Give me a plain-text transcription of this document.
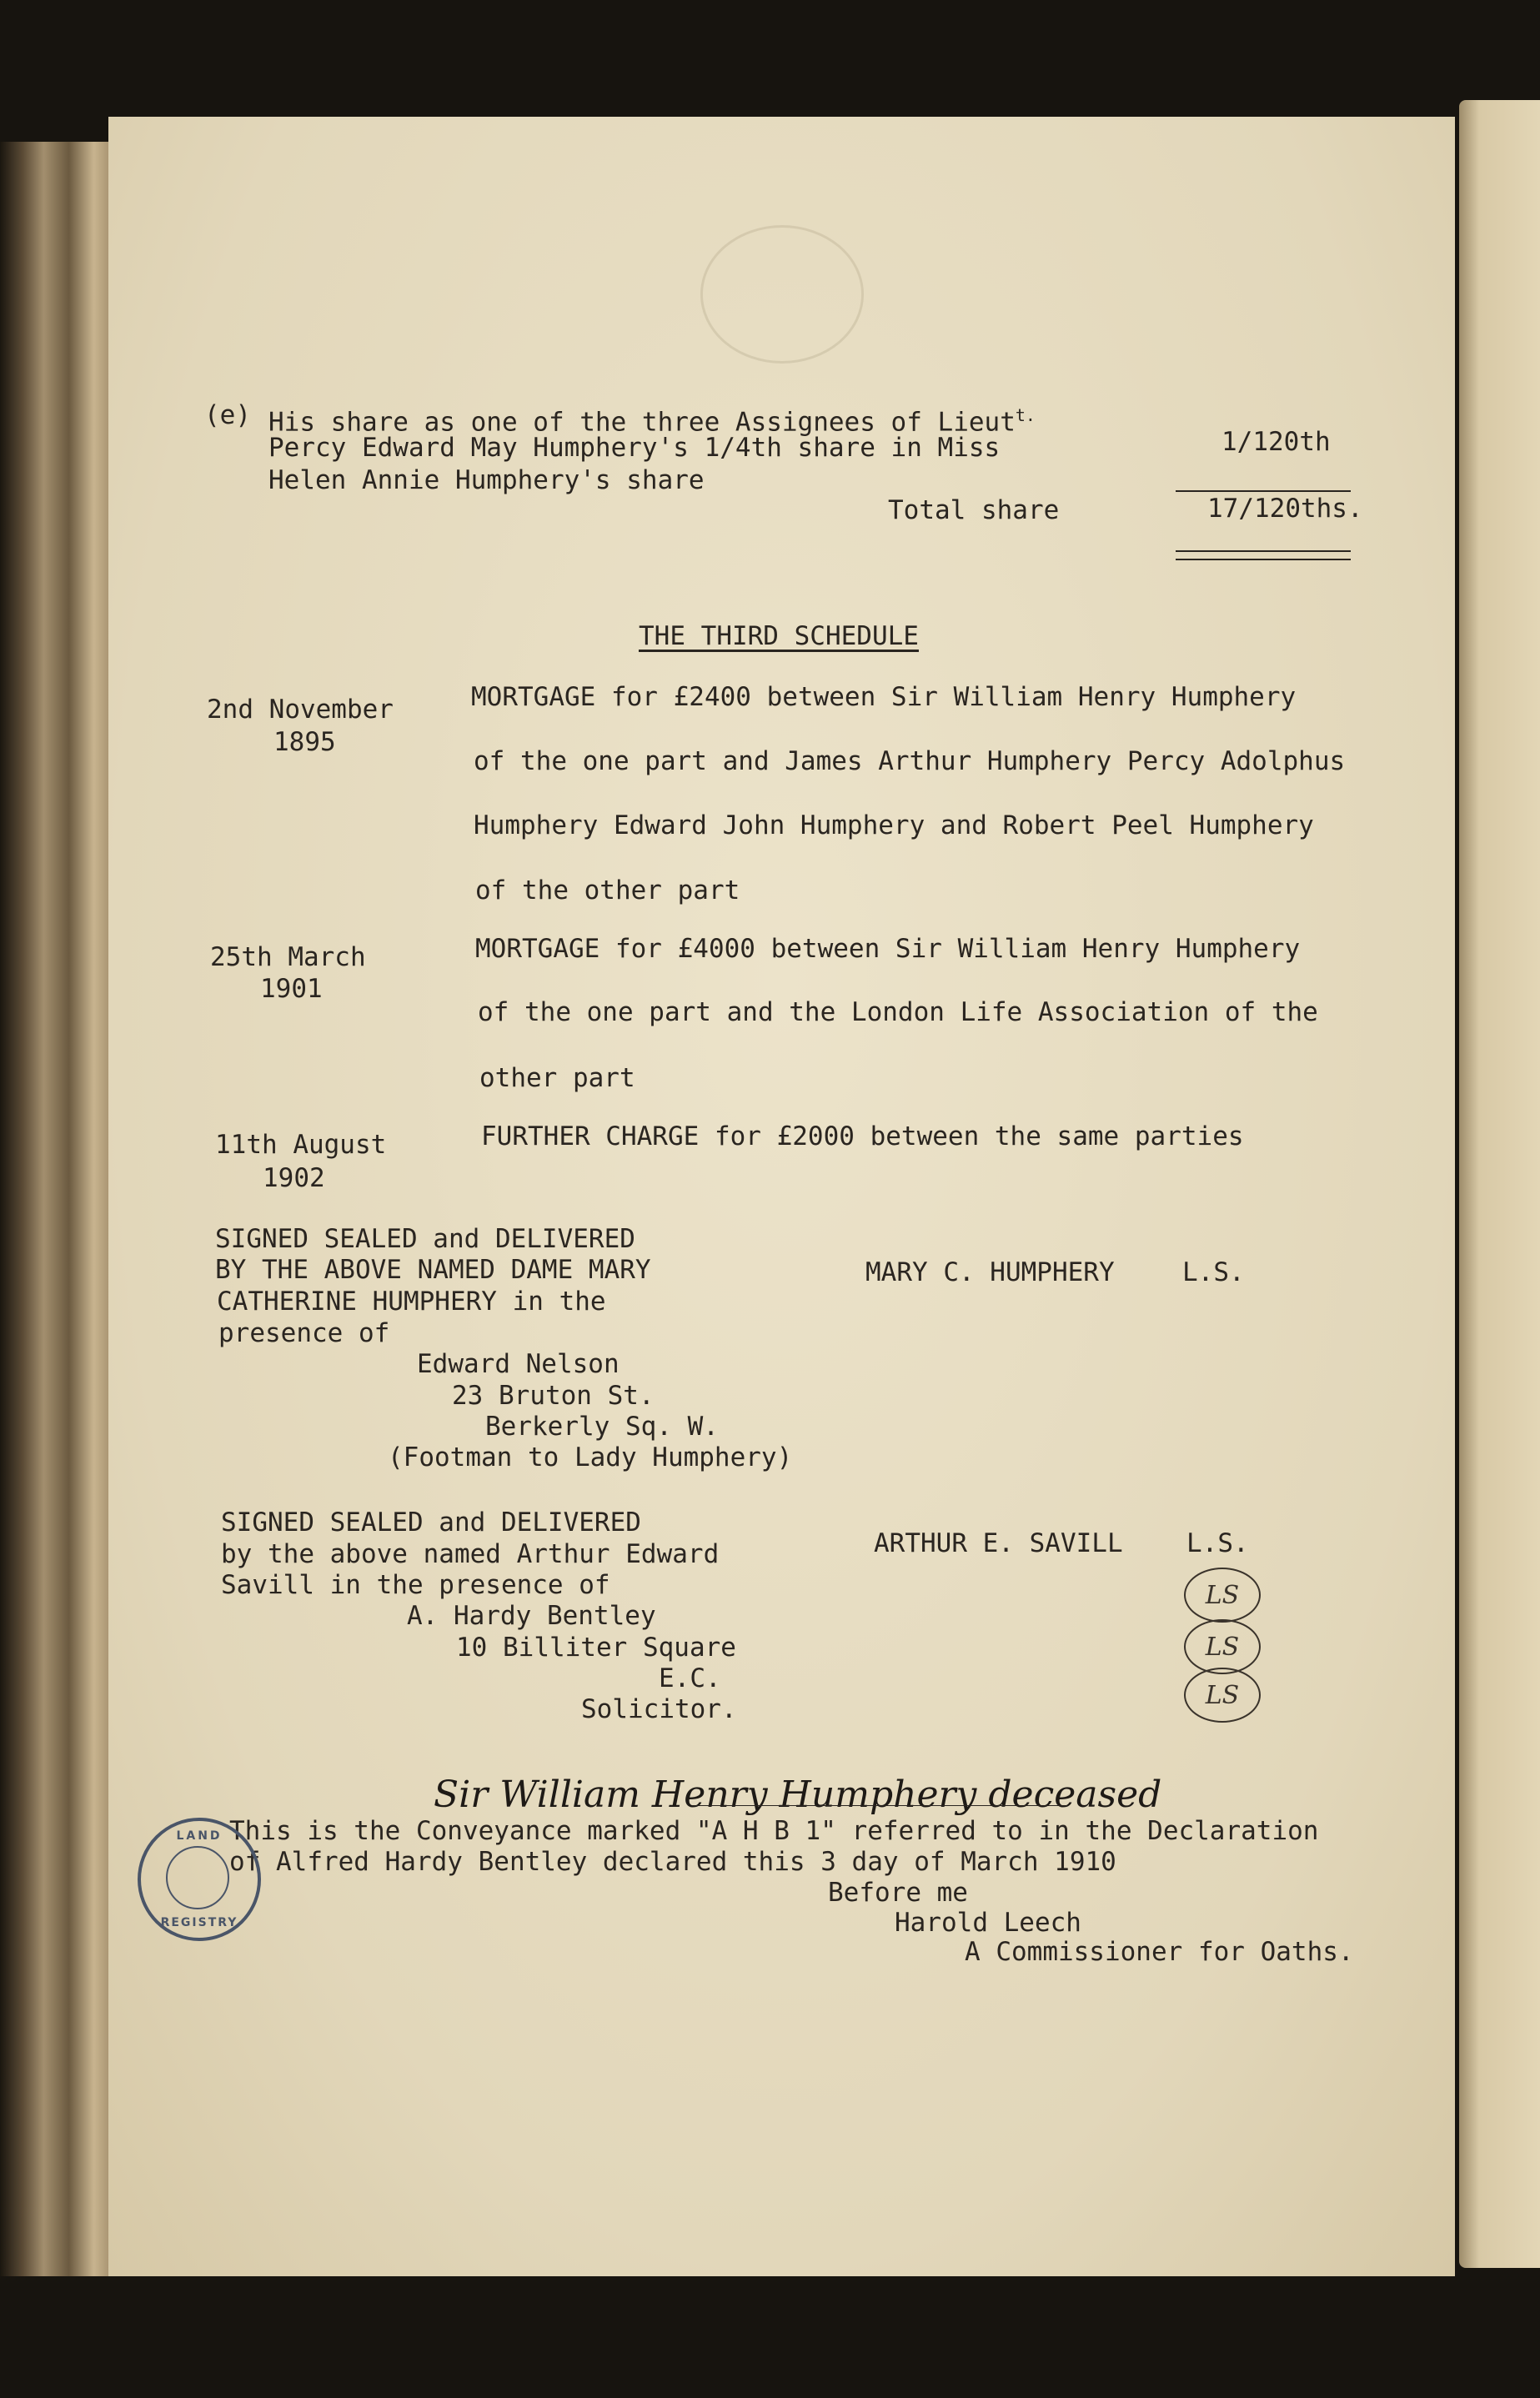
(e) His share as one of the three Assignees of Lieut$^{t.}$

Percy Edward May Humphery's 1/4th share in Miss

Helen Annie Humphery's share

1/120th

Total share	17/120ths.

THE THIRD SCHEDULE

2nd November

1895

MORTGAGE for £2400 between Sir William Henry Humphery

of the one part and James Arthur Humphery Percy Adolphus

Humphery Edward John Humphery and Robert Peel Humphery

of the other part

25th March

1901

MORTGAGE for £4000 between Sir William Henry Humphery

of the one part and the London Life Association of the

other part

11th August

1902

FURTHER CHARGE for £2000 between the same parties

SIGNED SEALED and DELIVERED

BY THE ABOVE NAMED DAME MARY

CATHERINE HUMPHERY in the

presence of

Edward Nelson

23 Bruton St.

Berkerly Sq. W.

(Footman to Lady Humphery)

MARY C. HUMPHERY	L.S.

SIGNED SEALED and DELIVERED

by the above named Arthur Edward

Savill in the presence of

A. Hardy Bentley

10 Billiter Square

E.C.

Solicitor.

ARTHUR E. SAVILL L.S.

LS
LS
LS

Sir William Henry Humphery deceased

This is the Conveyance marked "A H B 1" referred to in the Declaration

of Alfred Hardy Bentley declared this 3 day of March 1910

Before me

Harold Leech

A Commissioner for Oaths.

LAND
REGISTRY
